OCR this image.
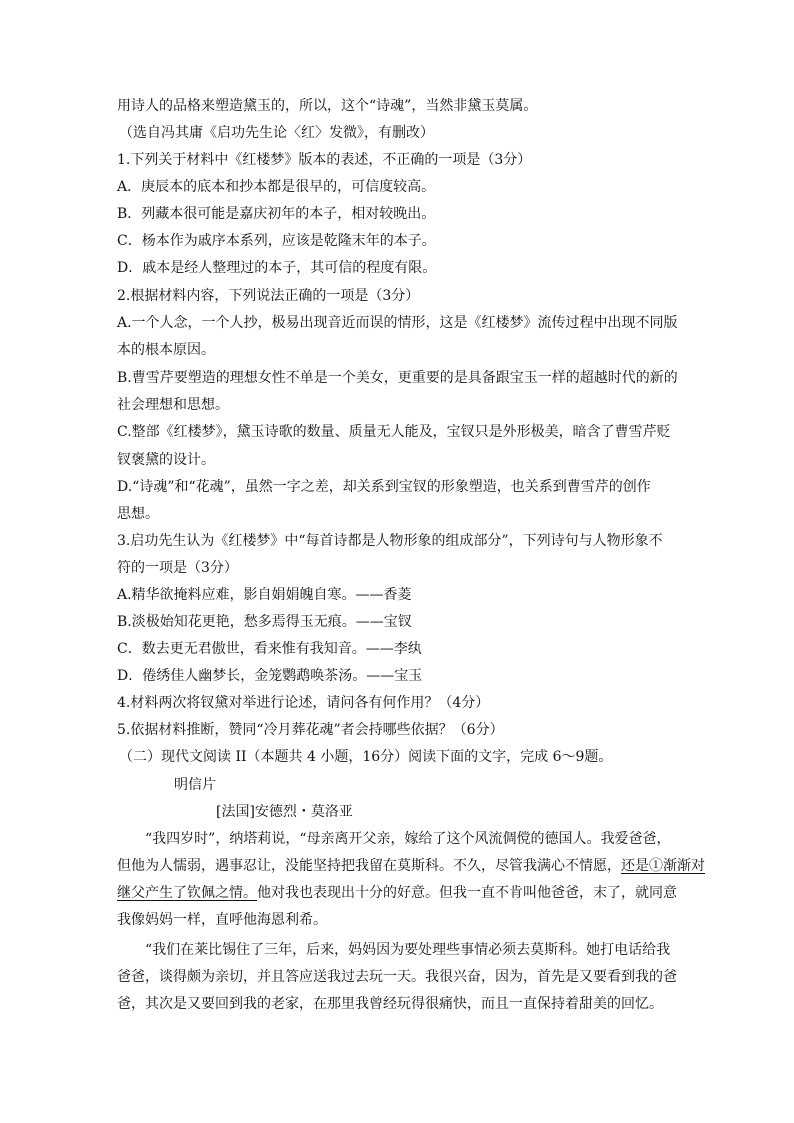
用诗人的品格来塑造黛玉的，所以，这个“诗魂”，当然非黛玉莫属。
（选自冯其庸《启功先生论〈红〉发微》，有删改）
1.下列关于材料中《红楼梦》版本的表述，不正确的一项是（3分）
A．庚辰本的底本和抄本都是很早的，可信度较高。
B．列藏本很可能是嘉庆初年的本子，相对较晚出。
C．杨本作为戚序本系列，应该是乾隆末年的本子。
D．戚本是经人整理过的本子，其可信的程度有限。
2.根据材料内容，下列说法正确的一项是（3分）
A.一个人念，一个人抄，极易出现音近而误的情形，这是《红楼梦》流传过程中出现不同版
本的根本原因。
B.曹雪芹要塑造的理想女性不单是一个美女，更重要的是具备跟宝玉一样的超越时代的新的
社会理想和思想。
C.整部《红楼梦》，黛玉诗歌的数量、质量无人能及，宝钗只是外形极美，暗含了曹雪芹贬
钗褒黛的设计。
D.“诗魂”和“花魂”，虽然一字之差，却关系到宝钗的形象塑造，也关系到曹雪芹的创作
思想。
3.启功先生认为《红楼梦》中“每首诗都是人物形象的组成部分”，下列诗句与人物形象不
符的一项是（3分）
A.精华欲掩料应难，影自娟娟魄自寒。——香菱
B.淡极始知花更艳，愁多焉得玉无痕。——宝钗
C．数去更无君傲世，看来惟有我知音。——李纨
D．倦绣佳人幽梦长，金笼鹦鹉唤茶汤。——宝玉
4.材料两次将钗黛对举进行论述，请问各有何作用？（4分）
5.依据材料推断，赞同“冷月葬花魂”者会持哪些依据？（6分）
（二）现代文阅读 II（本题共 4 小题，16分）阅读下面的文字，完成 6～9题。
明信片
[法国]安德烈・莫洛亚
“我四岁时”，纳塔莉说，“母亲离开父亲，嫁给了这个风流倜傥的德国人。我爱爸爸，
但他为人懦弱，遇事忍让，没能坚持把我留在莫斯科。不久，尽管我满心不情愿，还是①渐渐对
继父产生了钦佩之情。他对我也表现出十分的好意。但我一直不肯叫他爸爸，末了，就同意
我像妈妈一样，直呼他海恩利希。
“我们在莱比锡住了三年，后来，妈妈因为要处理些事情必须去莫斯科。她打电话给我
爸爸，谈得颇为亲切，并且答应送我过去玩一天。我很兴奋，因为，首先是又要看到我的爸
爸，其次是又要回到我的老家，在那里我曾经玩得很痛快，而且一直保持着甜美的回忆。
